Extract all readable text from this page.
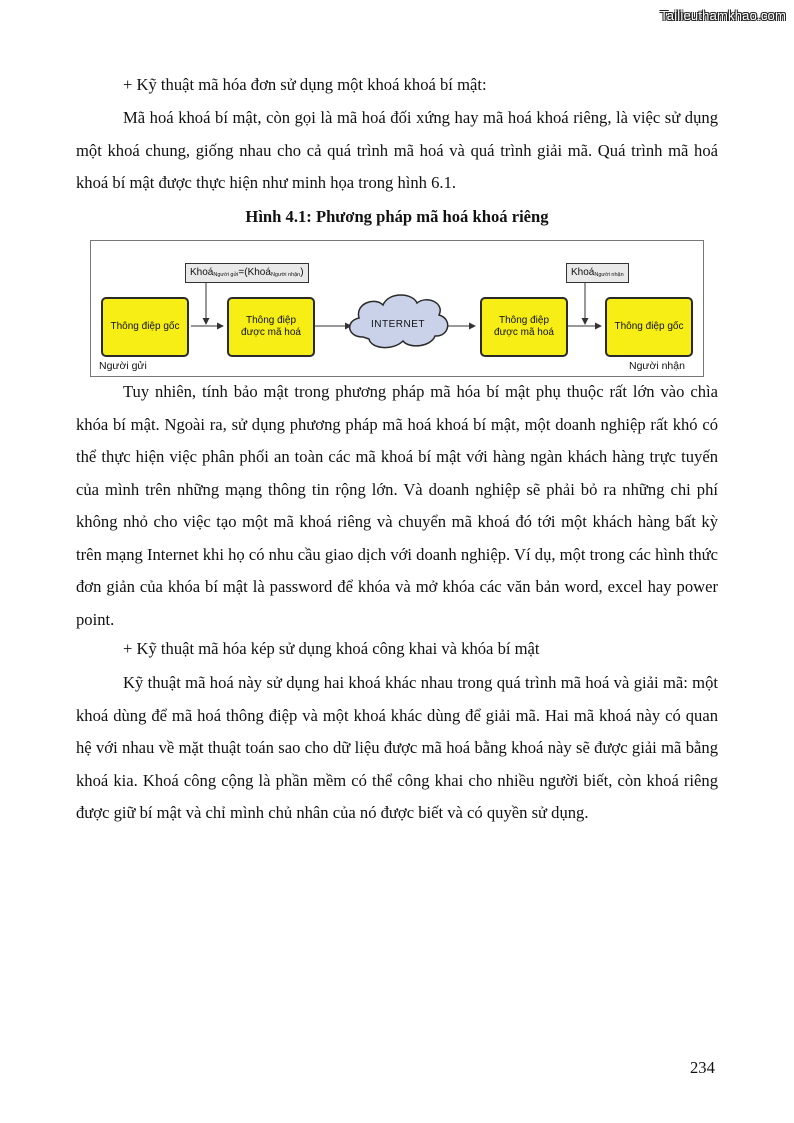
Tailieuthamkhao.com

+ Kỹ thuật mã hóa đơn sử dụng một khoá khoá bí mật:

Mã hoá khoá bí mật, còn gọi là mã hoá đối xứng hay mã hoá khoá riêng, là việc sử dụng một khoá chung, giống nhau cho cả quá trình mã hoá và quá trình giải mã. Quá trình mã hoá khoá bí mật được thực hiện như minh họa trong hình 6.1.

Hình 4.1: Phương pháp mã hoá khoá riêng
Thông điệp gốc
Thông điệp được mã hoá
INTERNET	Thông điệp được mã hoá
Thông điệp gốc
Khoá$_{Người gửi}$=(Khoá$_{Người nhận}$)	Khoá$_{Người nhận}$
Người gửi	Người nhận

Tuy nhiên, tính bảo mật trong phương pháp mã hóa bí mật phụ thuộc rất lớn vào chìa khóa bí mật. Ngoài ra, sử dụng phương pháp mã hoá khoá bí mật, một doanh nghiệp rất khó có thể thực hiện việc phân phối an toàn các mã khoá bí mật với hàng ngàn khách hàng trực tuyến của mình trên những mạng thông tin rộng lớn. Và doanh nghiệp sẽ phải bỏ ra những chi phí không nhỏ cho việc tạo một mã khoá riêng và chuyển mã khoá đó tới một khách hàng bất kỳ trên mạng Internet khi họ có nhu cầu giao dịch với doanh nghiệp. Ví dụ, một trong các hình thức đơn giản của khóa bí mật là password để khóa và mở khóa các văn bản word, excel hay power point.

+ Kỹ thuật mã hóa kép sử dụng khoá công khai và khóa bí mật

Kỹ thuật mã hoá này sử dụng hai khoá khác nhau trong quá trình mã hoá và giải mã: một khoá dùng để mã hoá thông điệp và một khoá khác dùng để giải mã. Hai mã khoá này có quan hệ với nhau về mặt thuật toán sao cho dữ liệu được mã hoá bằng khoá này sẽ được giải mã bằng khoá kia. Khoá công cộng là phần mềm có thể công khai cho nhiều người biết, còn khoá riêng được giữ bí mật và chỉ mình chủ nhân của nó được biết và có quyền sử dụng.

234
